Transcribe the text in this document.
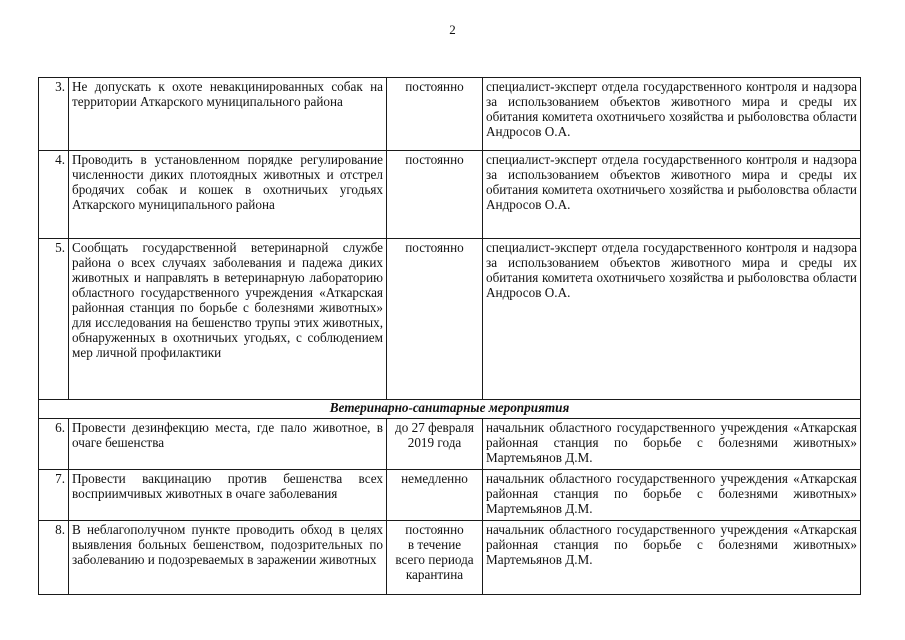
2
3.	Не допускать к охоте невакцинированных собак на территории Аткарского муниципального района	постоянно	специалист-эксперт отдела государственного контроля и надзора за использованием объектов животного мира и среды их обитания комитета охотничьего хозяйства и рыболовства области Андросов О.А.
4.	Проводить в установленном порядке регулирование численности диких плотоядных животных и отстрел бродячих собак и кошек в охотничьих угодьях Аткарского муниципального района	постоянно	специалист-эксперт отдела государственного контроля и надзора за использованием объектов животного мира и среды их обитания комитета охотничьего хозяйства и рыболовства области Андросов О.А.
5.	Сообщать государственной ветеринарной службе района о всех случаях заболевания и падежа диких животных и направлять в ветеринарную лабораторию областного государственного учреждения «Аткарская районная станция по борьбе с болезнями животных» для исследования на бешенство трупы этих животных, обнаруженных в охотничьих угодьях, с соблюдением мер личной профилактики	постоянно	специалист-эксперт отдела государственного контроля и надзора за использованием объектов животного мира и среды их обитания комитета охотничьего хозяйства и рыболовства области Андросов О.А.
Ветеринарно-санитарные мероприятия			
6.	Провести дезинфекцию места, где пало животное, в очаге бешенства	до 27 февраля
2019 года	начальник областного государственного учреждения «Аткарская районная станция по борьбе с болезнями животных» Мартемьянов Д.М.
7.	Провести вакцинацию против бешенства всех восприимчивых животных в очаге заболевания	немедленно	начальник областного государственного учреждения «Аткарская районная станция по борьбе с болезнями животных» Мартемьянов Д.М.
8.	В неблагополучном пункте проводить обход в целях выявления больных бешенством, подозрительных по заболеванию и подозреваемых в заражении животных	постоянно
в течение
всего периода
карантина	начальник областного государственного учреждения «Аткарская районная станция по борьбе с болезнями животных» Мартемьянов Д.М.
